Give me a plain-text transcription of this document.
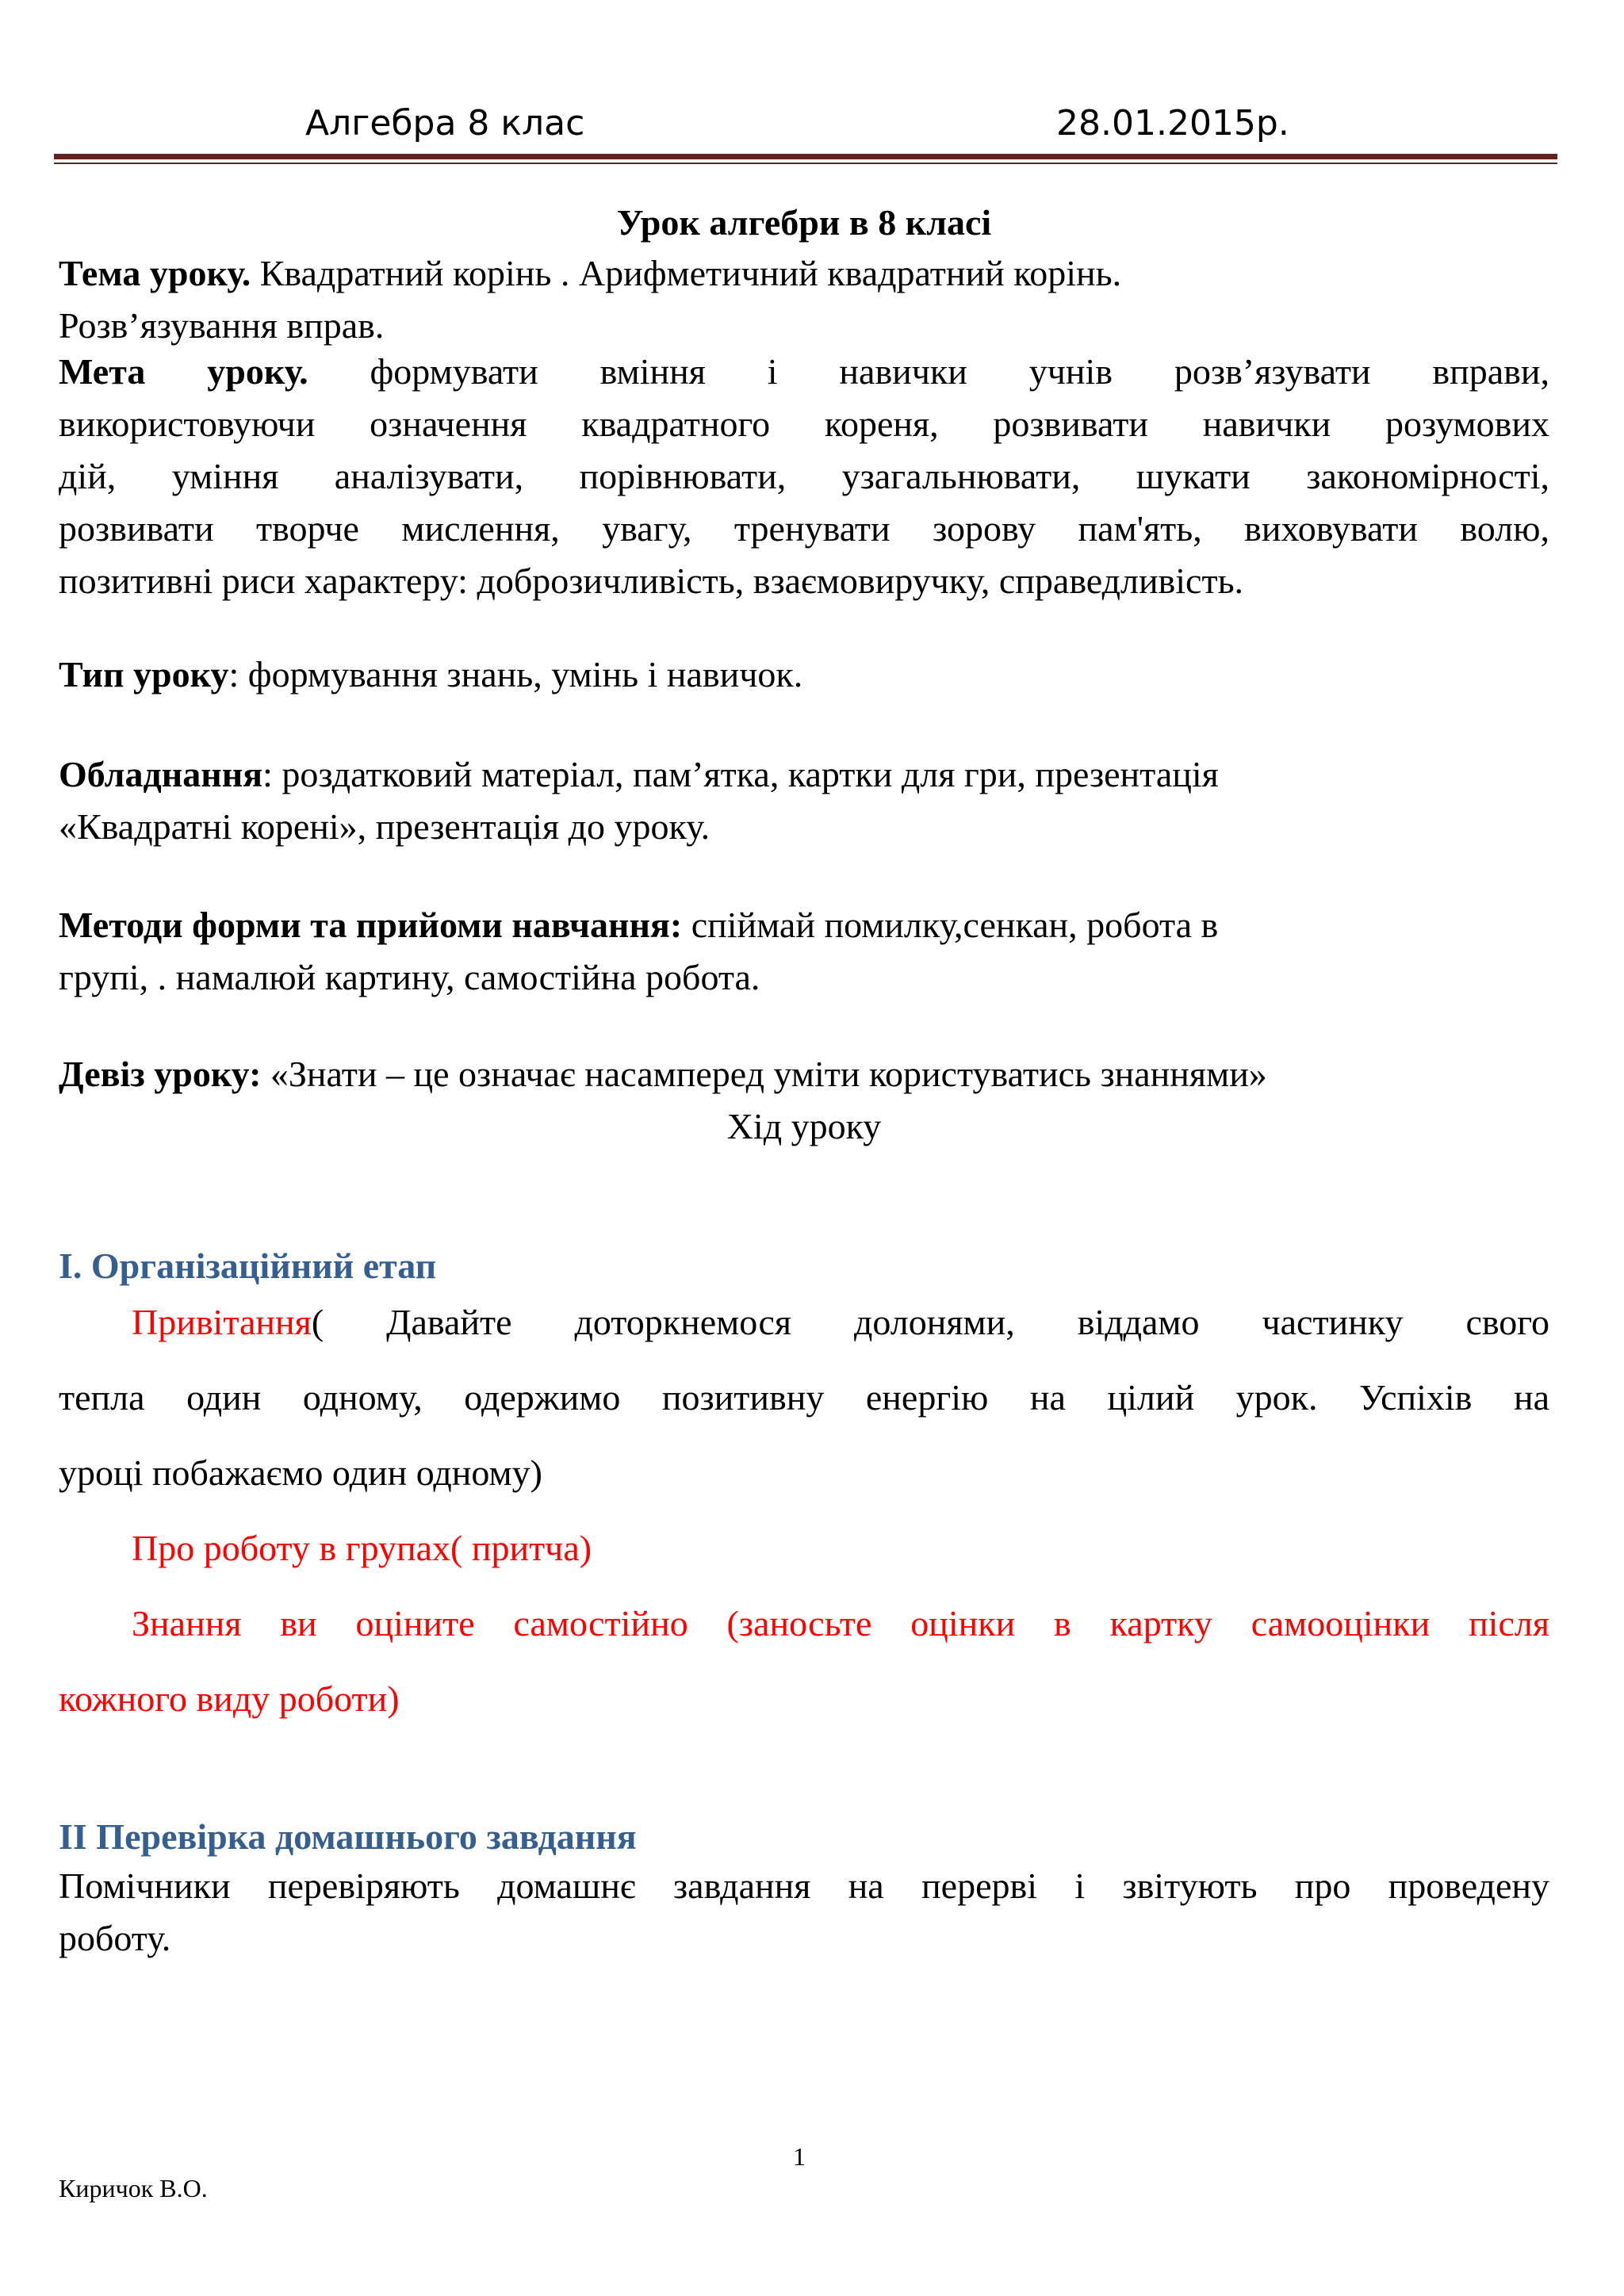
Алгебра 8 клас	28.01.2015р.
Урок алгебри в 8 класі
Тема уроку. Квадратний корінь . Арифметичний квадратний корінь.
Розв’язування вправ.
Мета уроку. формувати вміння і навички учнів розв’язувати вправи,
використовуючи означення квадратного кореня, розвивати навички розумових
дій, уміння аналізувати, порівнювати, узагальнювати, шукати закономірності,
розвивати творче мислення, увагу, тренувати зорову пам'ять, виховувати волю,
позитивні риси характеру: доброзичливість, взаємовиручку, справедливість.
Тип уроку: формування знань, умінь і навичок.
Обладнання: роздатковий матеріал, пам’ятка, картки для гри, презентація
«Квадратні корені», презентація до уроку.
Методи форми та прийоми навчання: спіймай помилку,сенкан, робота в
групі, . намалюй картину, самостійна робота.
Девіз уроку: «Знати – це означає насамперед уміти користуватись знаннями»
Хід уроку
І. Організаційний етап
Привітання( Давайте доторкнемося долонями, віддамо частинку свого
тепла один одному, одержимо позитивну енергію на цілий урок. Успіхів на
уроці побажаємо один одному)
Про роботу в групах( притча)
Знання ви оціните самостійно (заносьте оцінки в картку самооцінки після
кожного виду роботи)
ІІ Перевірка домашнього завдання
Помічники перевіряють домашнє завдання на перерві і звітують про проведену
роботу.
1
Киричок В.О.
